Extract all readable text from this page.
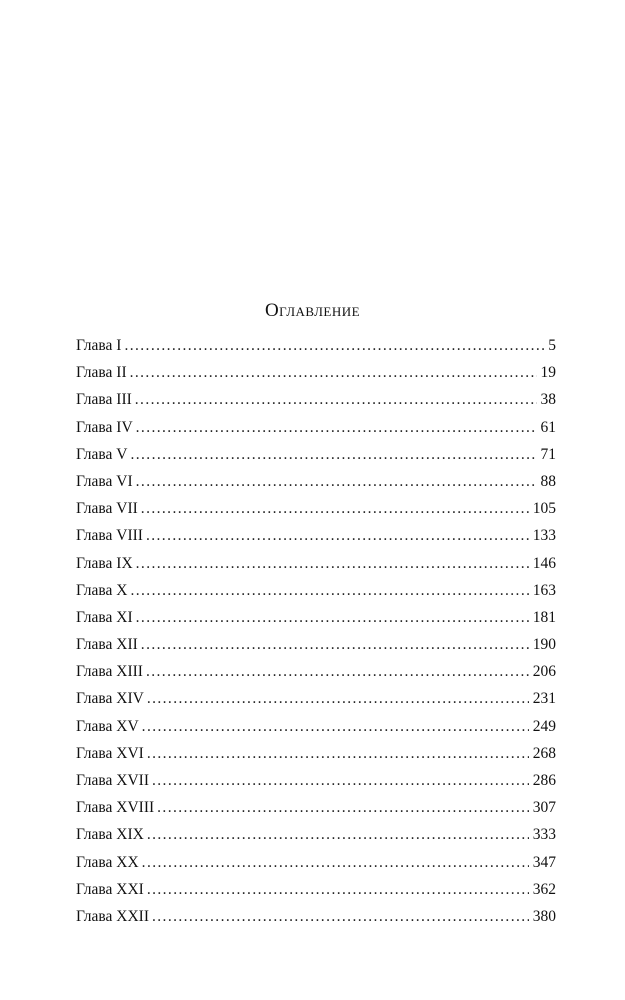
Оглавление
Глава I .....	5
Глава II .....	19
Глава III .....	38
Глава IV .....	61
Глава V .....	71
Глава VI .....	88
Глава VII .....	105
Глава VIII .....	133
Глава IX .....	146
Глава X .....	163
Глава XI .....	181
Глава XII .....	190
Глава XIII .....	206
Глава XIV .....	231
Глава XV .....	249
Глава XVI .....	268
Глава XVII .....	286
Глава XVIII .....	307
Глава XIX .....	333
Глава XX .....	347
Глава XXI .....	362
Глава XXII .....	380
